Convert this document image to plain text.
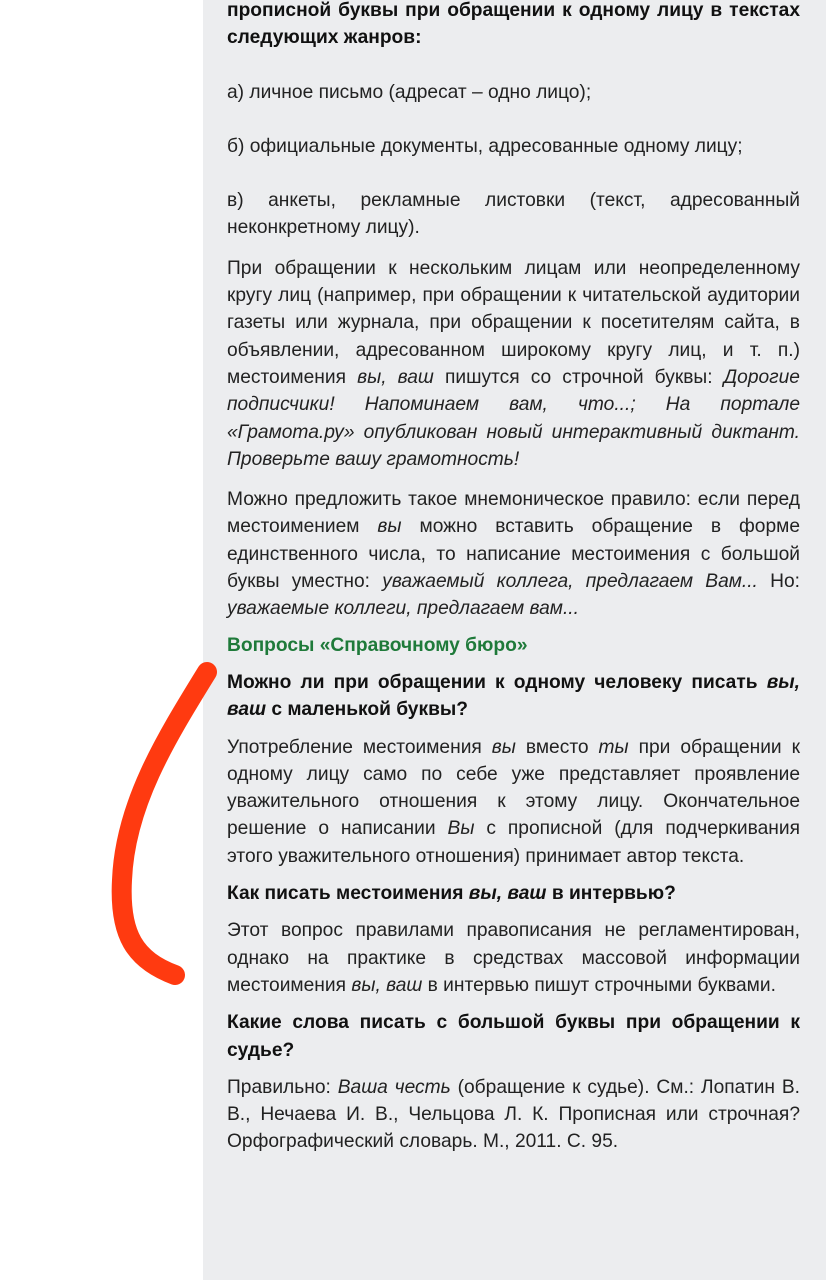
прописной буквы при обращении к одному лицу в текстах следующих жанров:

а) личное письмо (адресат – одно лицо);

б) официальные документы, адресованные одному лицу;

в) анкеты, рекламные листовки (текст, адресованный неконкретному лицу).

При обращении к нескольким лицам или неопределенному кругу лиц (например, при обращении к читательской аудитории газеты или журнала, при обращении к посетителям сайта, в объявлении, адресованном широкому кругу лиц, и т. п.) местоимения вы, ваш пишутся со строчной буквы: Дорогие подписчики! Напоминаем вам, что...; На портале «Грамота.ру» опубликован новый интерактивный диктант. Проверьте вашу грамотность!

Можно предложить такое мнемоническое правило: если перед местоимением вы можно вставить обращение в форме единственного числа, то написание местоимения с большой буквы уместно: уважаемый коллега, предлагаем Вам... Но: уважаемые коллеги, предлагаем вам...

Вопросы «Справочному бюро»

Можно ли при обращении к одному человеку писать вы, ваш с маленькой буквы?

Употребление местоимения вы вместо ты при обращении к одному лицу само по себе уже представляет проявление уважительного отношения к этому лицу. Окончательное решение о написании Вы с прописной (для подчеркивания этого уважительного отношения) принимает автор текста.

Как писать местоимения вы, ваш в интервью?

Этот вопрос правилами правописания не регламентирован, однако на практике в средствах массовой информации местоимения вы, ваш в интервью пишут строчными буквами.

Какие слова писать с большой буквы при обращении к судье?

Правильно: Ваша честь (обращение к судье). См.: Лопатин В. В., Нечаева И. В., Чельцова Л. К. Прописная или строчная? Орфографический словарь. М., 2011. С. 95.
